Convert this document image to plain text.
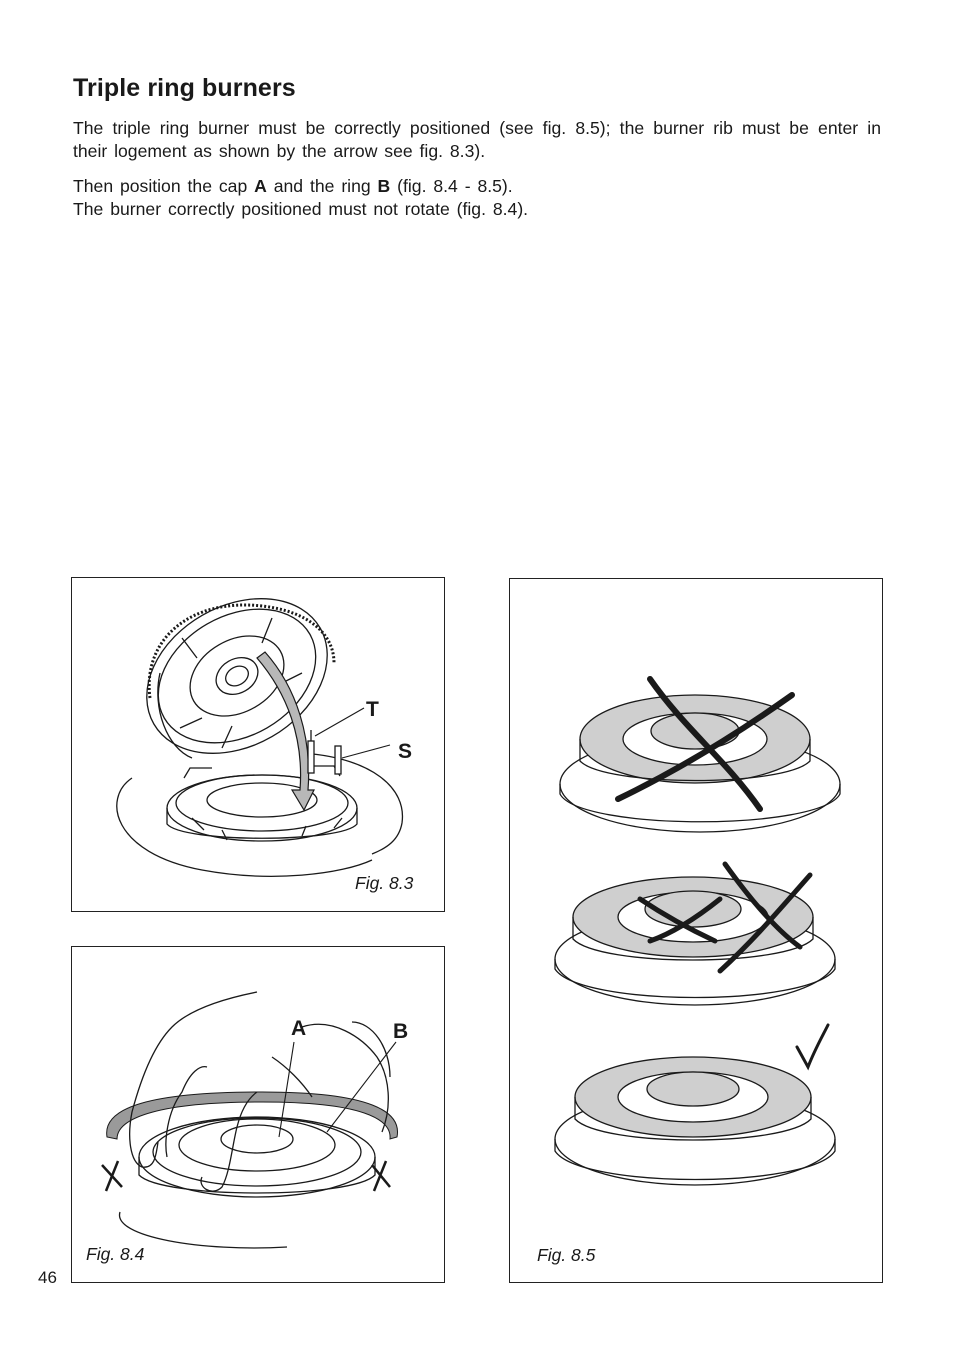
Triple ring burners

The triple ring burner must be correctly positioned (see fig. 8.5); the burner rib must be enter in their logement as shown by the arrow see fig. 8.3).

Then position the cap A and the ring B (fig. 8.4 - 8.5).
The burner correctly positioned must not rotate (fig. 8.4).

T
S
Fig. 8.3
A	B
Fig. 8.4	Fig. 8.5
46
